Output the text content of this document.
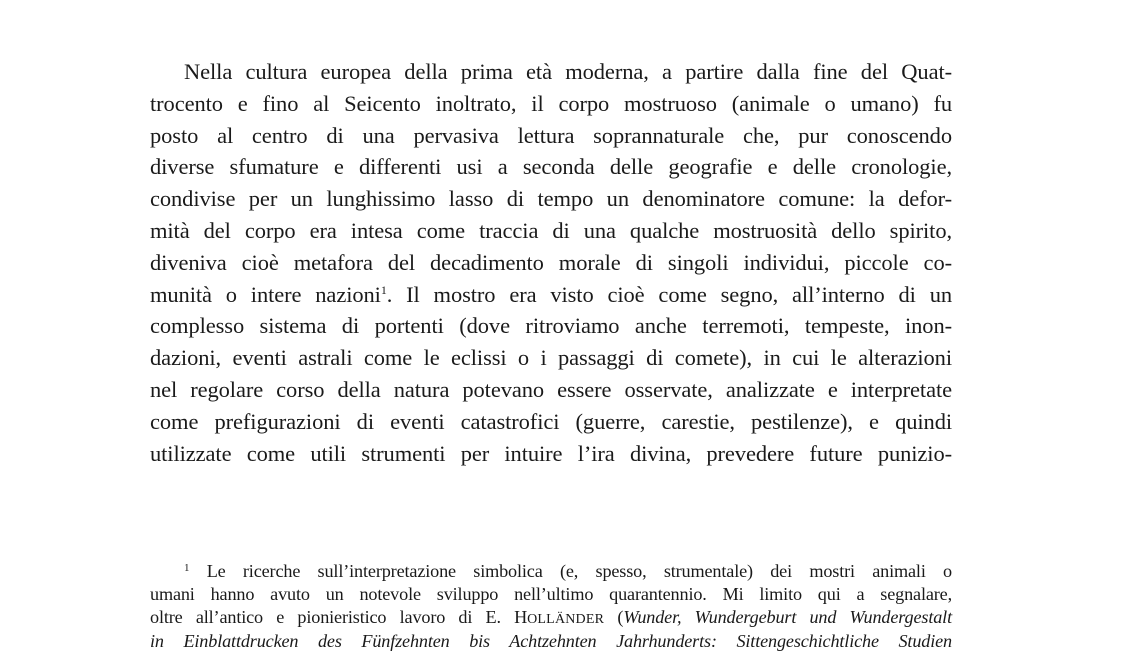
Nella cultura europea della prima età moderna, a partire dalla fine del Quat-
trocento e fino al Seicento inoltrato, il corpo mostruoso (animale o umano) fu
posto al centro di una pervasiva lettura soprannaturale che, pur conoscendo
diverse sfumature e differenti usi a seconda delle geografie e delle cronologie,
condivise per un lunghissimo lasso di tempo un denominatore comune: la defor-
mità del corpo era intesa come traccia di una qualche mostruosità dello spirito,
diveniva cioè metafora del decadimento morale di singoli individui, piccole co-
munità o intere nazioni$^1$. Il mostro era visto cioè come segno, all’interno di un
complesso sistema di portenti (dove ritroviamo anche terremoti, tempeste, inon-
dazioni, eventi astrali come le eclissi o i passaggi di comete), in cui le alterazioni
nel regolare corso della natura potevano essere osservate, analizzate e interpretate
come prefigurazioni di eventi catastrofici (guerre, carestie, pestilenze), e quindi
utilizzate come utili strumenti per intuire l’ira divina, prevedere future punizio-
$^1$ Le ricerche sull’interpretazione simbolica (e, spesso, strumentale) dei mostri animali o
umani hanno avuto un notevole sviluppo nell’ultimo quarantennio. Mi limito qui a segnalare,
oltre all’antico e pionieristico lavoro di E. HOLLÄNDER (Wunder, Wundergeburt und Wundergestalt
in Einblattdrucken des Fünfzehnten bis Achtzehnten Jahrhunderts: Sittengeschichtliche Studien
